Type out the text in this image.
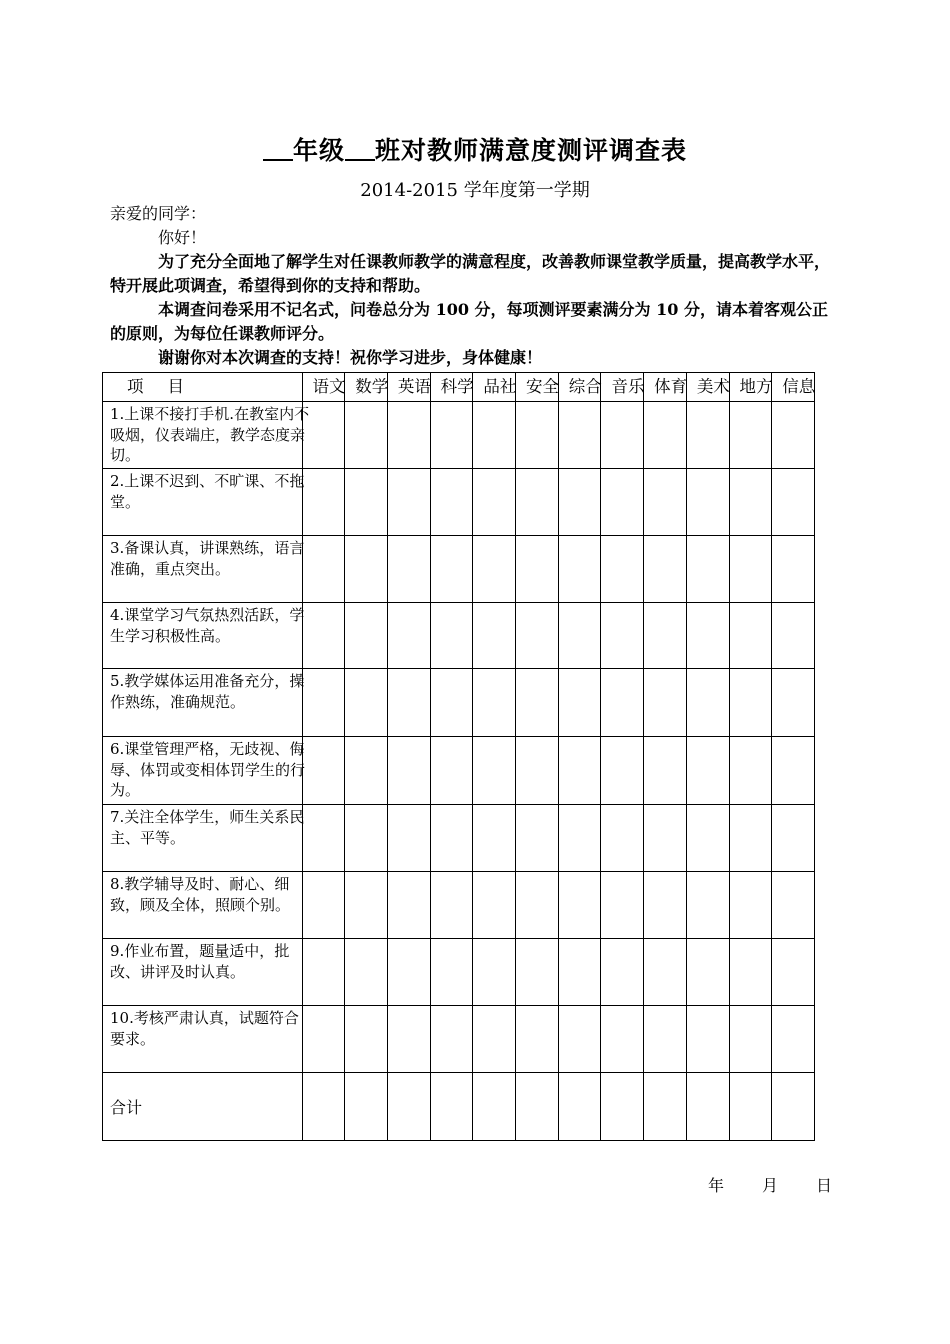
年级 班对教师满意度测评调查表
2014-2015 学年度第一学期
亲爱的同学：
你好！
为了充分全面地了解学生对任课教师教学的满意程度，改善教师课堂教学质量，提高教学水平，特开展此项调查，希望得到你的支持和帮助。
本调查问卷采用不记名式，问卷总分为 100 分，每项测评要素满分为 10 分，请本着客观公正的原则，为每位任课教师评分。
谢谢你对本次调查的支持！祝你学习进步，身体健康！
项 目	语文	数学	英语	科学	品社	安全	综合	音乐	体育	美术	地方	信息

1.上课不接打手机.在教室内不吸烟，仪表端庄，教学态度亲切。												

2.上课不迟到、不旷课、不拖堂。												

3.备课认真，讲课熟练，语言准确，重点突出。												

4.课堂学习气氛热烈活跃，学生学习积极性高。												

5.教学媒体运用准备充分，操作熟练，准确规范。												

6.课堂管理严格，无歧视、侮辱、体罚或变相体罚学生的行为。												

7.关注全体学生，师生关系民主、平等。												

8.教学辅导及时、耐心、细致，顾及全体，照顾个别。												

9.作业布置，题量适中，批改、讲评及时认真。												

10.考核严肃认真，试题符合要求。												

合计												
年 月 日
